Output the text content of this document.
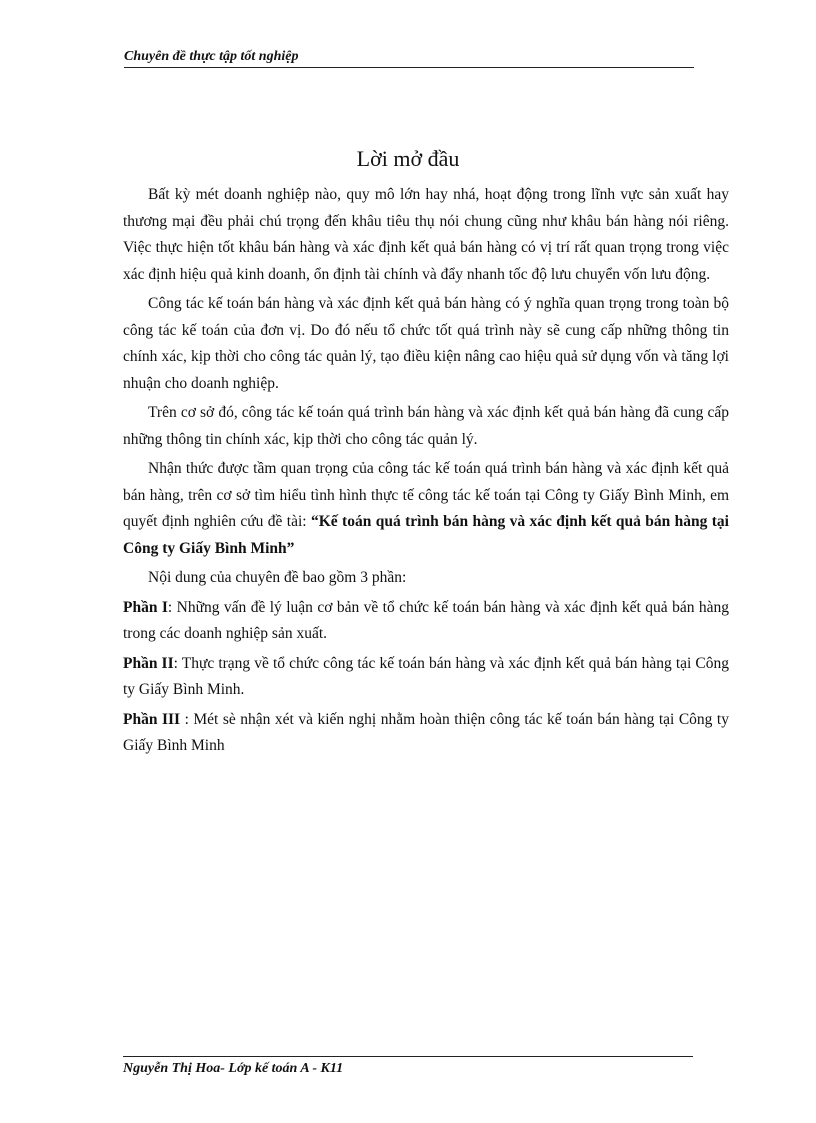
Chuyên đề thực tập tốt nghiệp
Lời mở đầu

Bất kỳ mét doanh nghiệp nào, quy mô lớn hay nhá, hoạt động trong lĩnh vực sản xuất hay thương mại đều phải chú trọng đến khâu tiêu thụ nói chung cũng như khâu bán hàng nói riêng. Việc thực hiện tốt khâu bán hàng và xác định kết quả bán hàng có vị trí rất quan trọng trong việc xác định hiệu quả kinh doanh, ổn định tài chính và đẩy nhanh tốc độ lưu chuyển vốn lưu động.

Công tác kế toán bán hàng và xác định kết quả bán hàng có ý nghĩa quan trọng trong toàn bộ công tác kế toán của đơn vị. Do đó nếu tổ chức tốt quá trình này sẽ cung cấp những thông tin chính xác, kịp thời cho công tác quản lý, tạo điều kiện nâng cao hiệu quả sử dụng vốn và tăng lợi nhuận cho doanh nghiệp.

Trên cơ sở đó, công tác kế toán quá trình bán hàng và xác định kết quả bán hàng đã cung cấp những thông tin chính xác, kịp thời cho công tác quản lý.

Nhận thức được tầm quan trọng của công tác kế toán quá trình bán hàng và xác định kết quả bán hàng, trên cơ sở tìm hiểu tình hình thực tế công tác kế toán tại Công ty Giấy Bình Minh, em quyết định nghiên cứu đề tài: “Kế toán quá trình bán hàng và xác định kết quả bán hàng tại Công ty Giấy Bình Minh”

Nội dung của chuyên đề bao gồm 3 phần:

Phần I: Những vấn đề lý luận cơ bản về tổ chức kế toán bán hàng và xác định kết quả bán hàng trong các doanh nghiệp sản xuất.

Phần II: Thực trạng về tổ chức công tác kế toán bán hàng và xác định kết quả bán hàng tại Công ty Giấy Bình Minh.

Phần III : Mét sè nhận xét và kiến nghị nhằm hoàn thiện công tác kế toán bán hàng tại Công ty Giấy Bình Minh

Nguyễn Thị Hoa- Lớp kế toán A - K11
